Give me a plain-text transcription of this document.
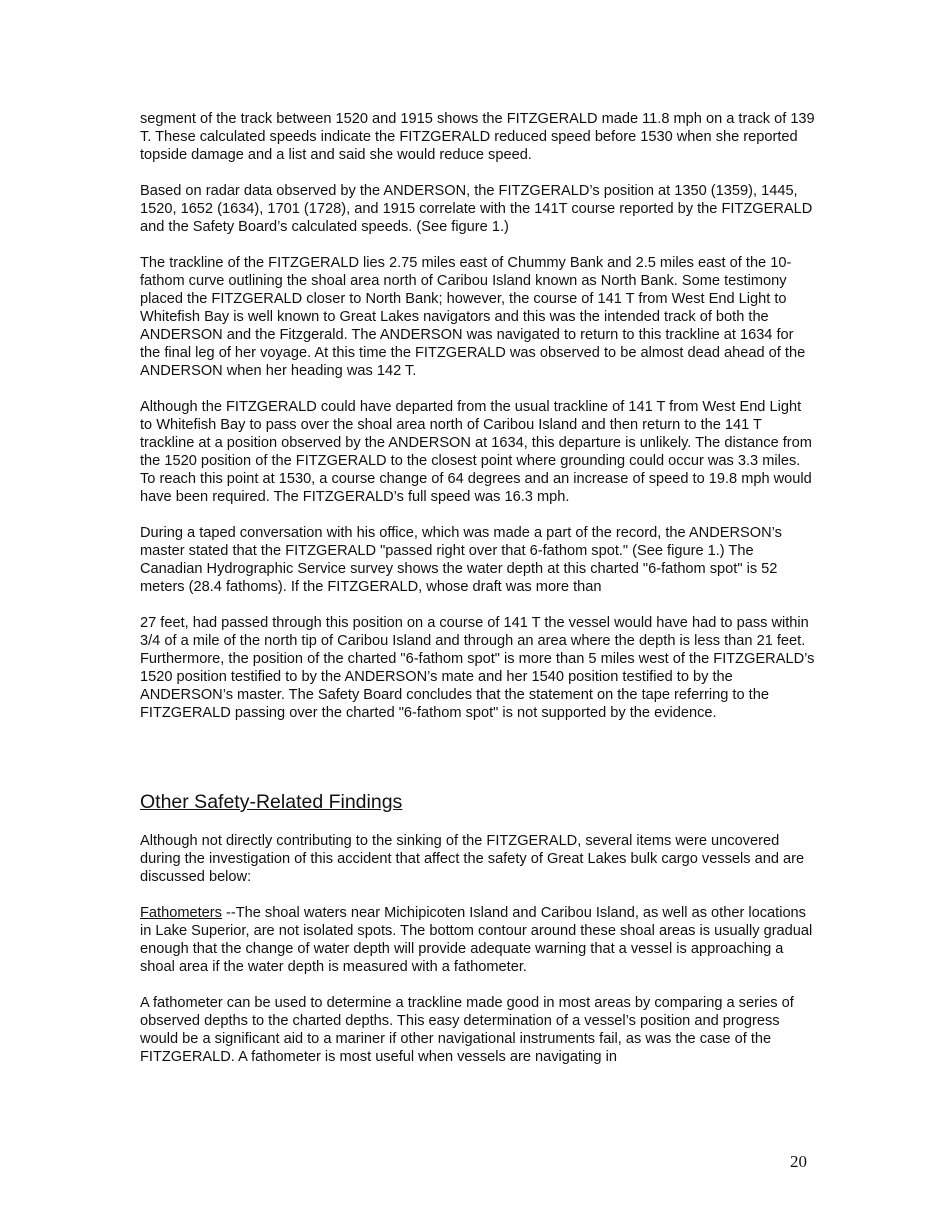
segment of the track between 1520 and 1915 shows the FITZGERALD made 11.8 mph on a track of 139 T. These calculated speeds indicate the FITZGERALD reduced speed before 1530 when she reported topside damage and a list and said she would reduce speed.

Based on radar data observed by the ANDERSON, the FITZGERALD’s position at 1350 (1359), 1445, 1520, 1652 (1634), 1701 (1728), and 1915 correlate with the 141T course reported by the FITZGERALD and the Safety Board’s calculated speeds. (See figure 1.)

The trackline of the FITZGERALD lies 2.75 miles east of Chummy Bank and 2.5 miles east of the 10-fathom curve outlining the shoal area north of Caribou Island known as North Bank. Some testimony placed the FITZGERALD closer to North Bank; however, the course of 141 T from West End Light to Whitefish Bay is well known to Great Lakes navigators and this was the intended track of both the ANDERSON and the Fitzgerald. The ANDERSON was navigated to return to this trackline at 1634 for the final leg of her voyage. At this time the FITZGERALD was observed to be almost dead ahead of the ANDERSON when her heading was 142 T.

Although the FITZGERALD could have departed from the usual trackline of 141 T from West End Light to Whitefish Bay to pass over the shoal area north of Caribou Island and then return to the 141 T trackline at a position observed by the ANDERSON at 1634, this departure is unlikely. The distance from the 1520 position of the FITZGERALD to the closest point where grounding could occur was 3.3 miles. To reach this point at 1530, a course change of 64 degrees and an increase of speed to 19.8 mph would have been required. The FITZGERALD’s full speed was 16.3 mph.

During a taped conversation with his office, which was made a part of the record, the ANDERSON’s master stated that the FITZGERALD "passed right over that 6-fathom spot." (See figure 1.) The Canadian Hydrographic Service survey shows the water depth at this charted "6-fathom spot" is 52 meters (28.4 fathoms). If the FITZGERALD, whose draft was more than

27 feet, had passed through this position on a course of 141 T the vessel would have had to pass within 3/4 of a mile of the north tip of Caribou Island and through an area where the depth is less than 21 feet. Furthermore, the position of the charted "6-fathom spot" is more than 5 miles west of the FITZGERALD’s 1520 position testified to by the ANDERSON’s mate and her 1540 position testified to by the ANDERSON’s master. The Safety Board concludes that the statement on the tape referring to the FITZGERALD passing over the charted "6-fathom spot" is not supported by the evidence.

Other Safety-Related Findings

Although not directly contributing to the sinking of the FITZGERALD, several items were uncovered during the investigation of this accident that affect the safety of Great Lakes bulk cargo vessels and are discussed below:

Fathometers --The shoal waters near Michipicoten Island and Caribou Island, as well as other locations in Lake Superior, are not isolated spots. The bottom contour around these shoal areas is usually gradual enough that the change of water depth will provide adequate warning that a vessel is approaching a shoal area if the water depth is measured with a fathometer.

A fathometer can be used to determine a trackline made good in most areas by comparing a series of observed depths to the charted depths. This easy determination of a vessel’s position and progress would be a significant aid to a mariner if other navigational instruments fail, as was the case of the FITZGERALD. A fathometer is most useful when vessels are navigating in

20
